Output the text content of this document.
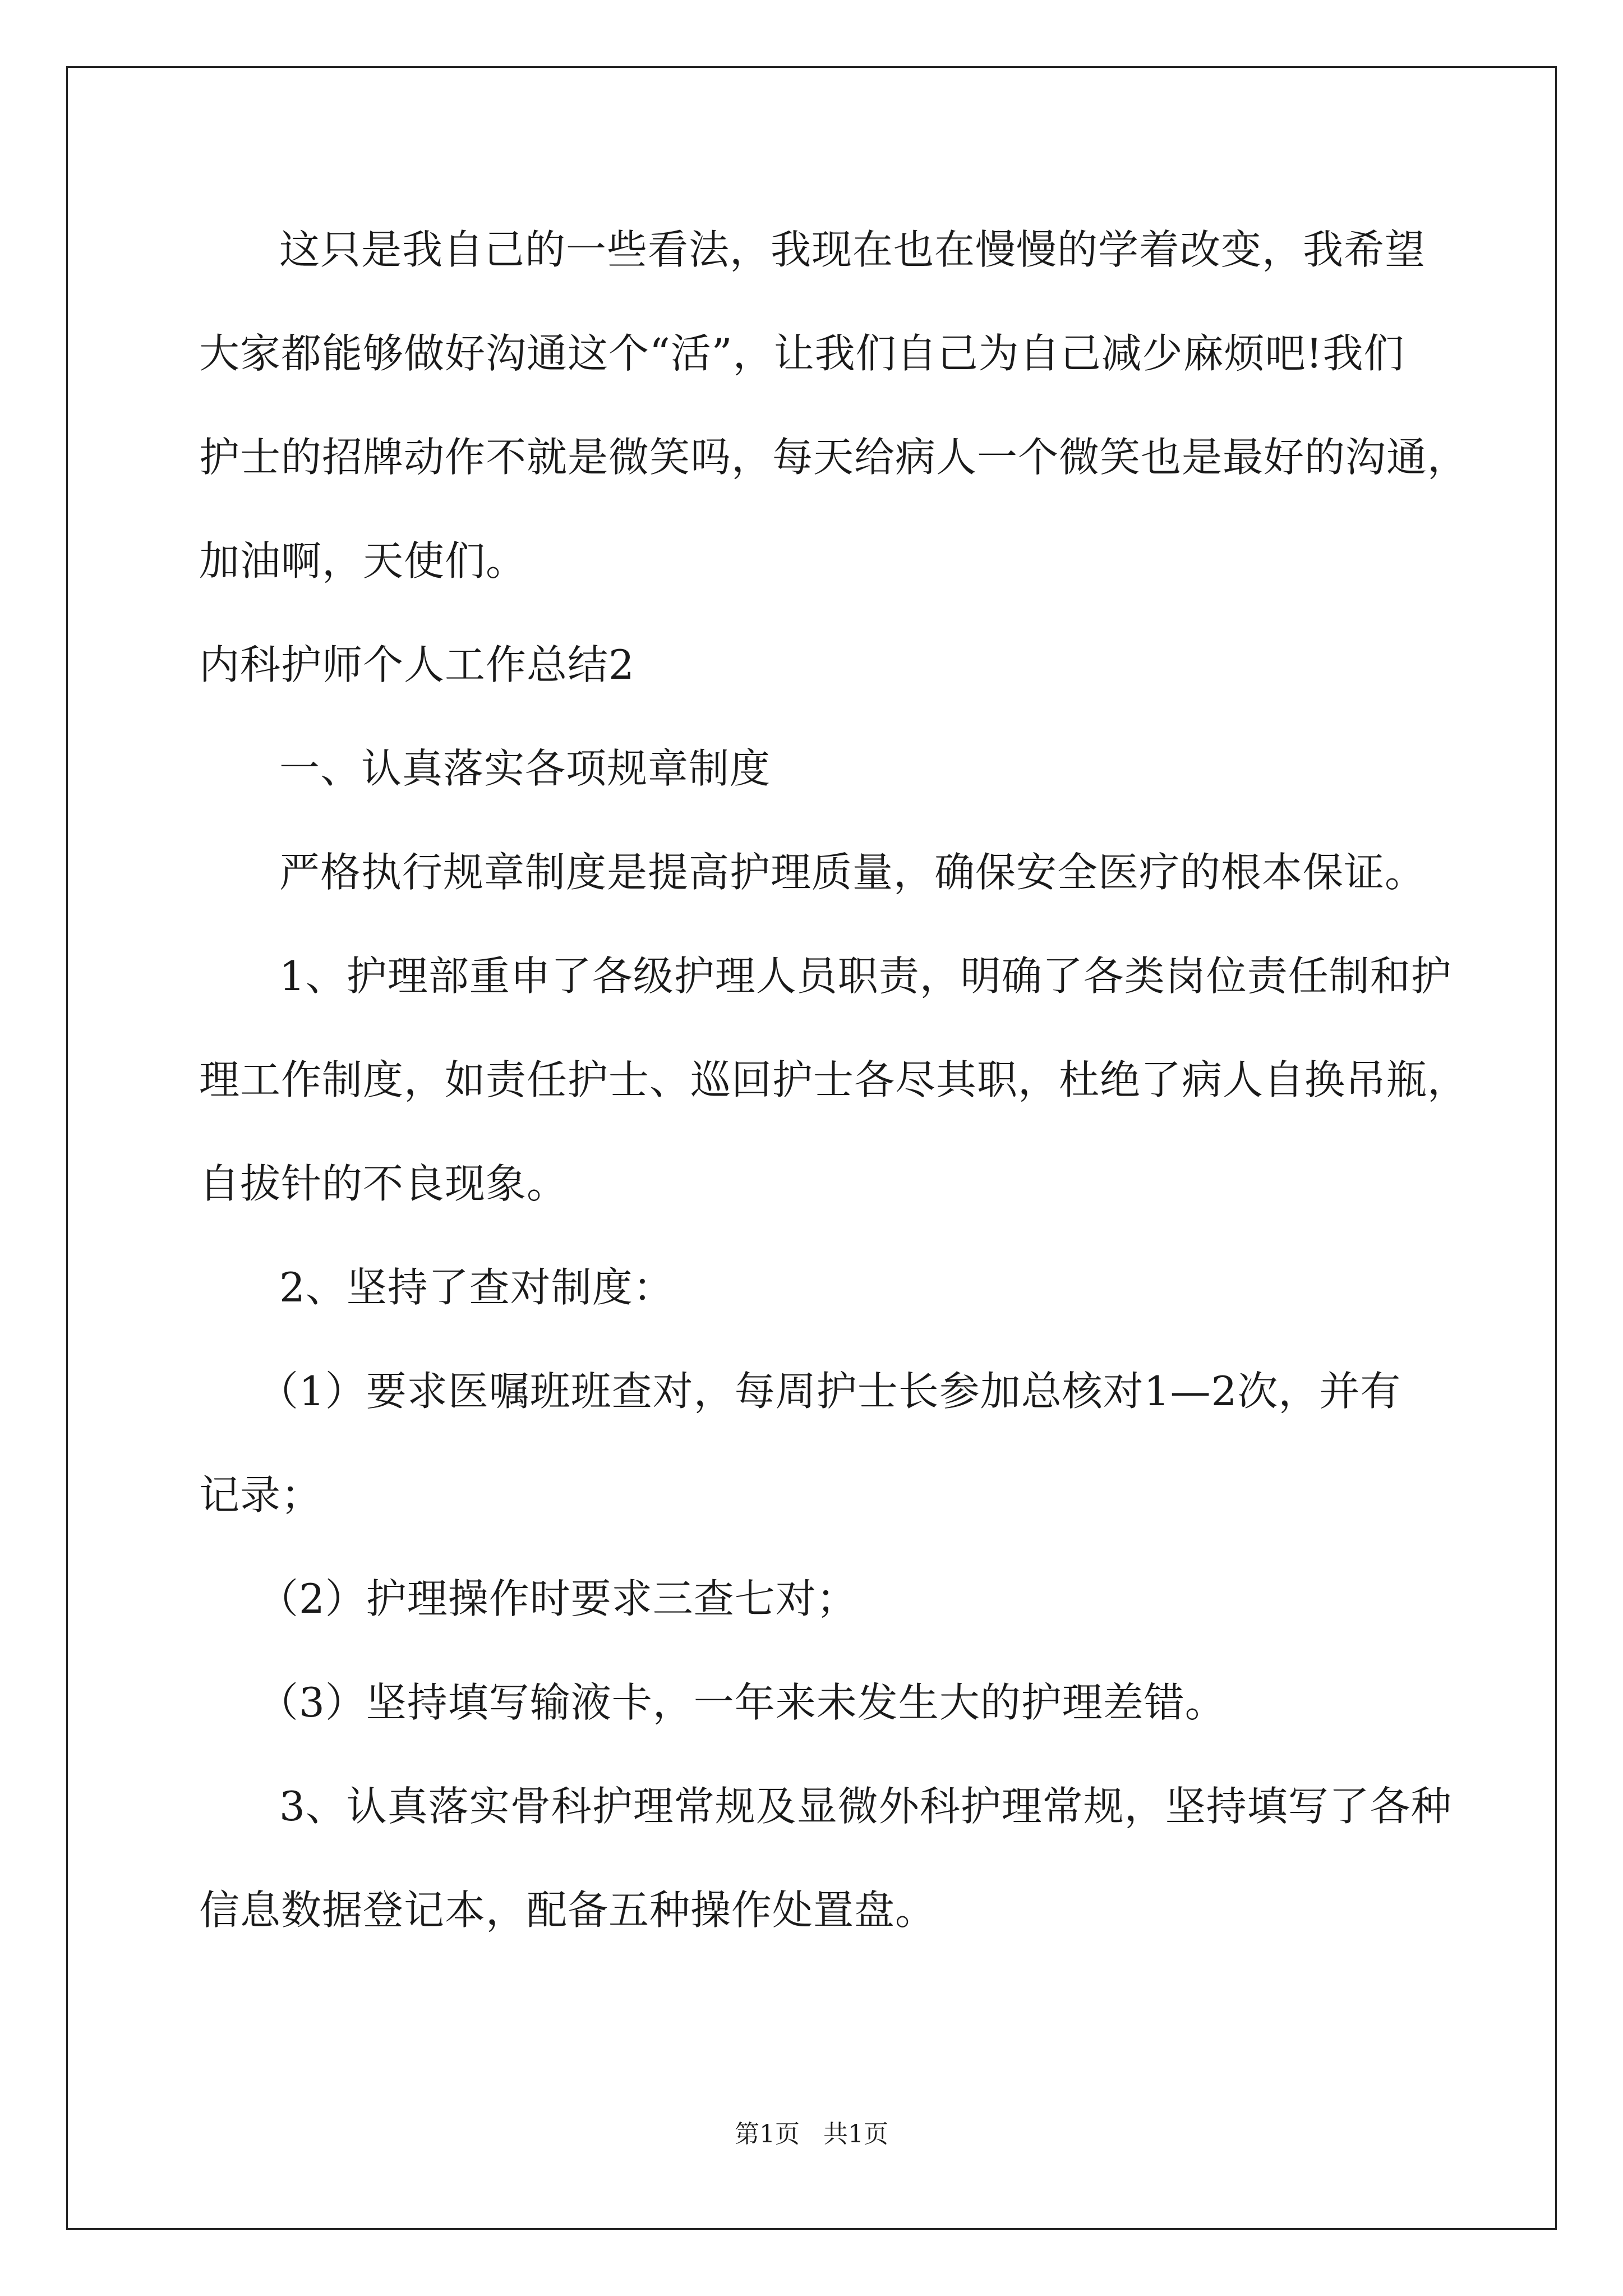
这只是我自己的一些看法，我现在也在慢慢的学着改变，我希望
大家都能够做好沟通这个“活”，让我们自己为自己减少麻烦吧!我们
护士的招牌动作不就是微笑吗，每天给病人一个微笑也是最好的沟通，
加油啊，天使们。
内科护师个人工作总结2
一、认真落实各项规章制度
严格执行规章制度是提高护理质量，确保安全医疗的根本保证。
1、护理部重申了各级护理人员职责，明确了各类岗位责任制和护
理工作制度，如责任护士、巡回护士各尽其职，杜绝了病人自换吊瓶，
自拔针的不良现象。
2、坚持了查对制度：
（1）要求医嘱班班查对，每周护士长参加总核对1—2次，并有
记录；
（2）护理操作时要求三查七对；
（3）坚持填写输液卡，一年来未发生大的护理差错。
3、认真落实骨科护理常规及显微外科护理常规，坚持填写了各种
信息数据登记本，配备五种操作处置盘。
第1页   共1页
